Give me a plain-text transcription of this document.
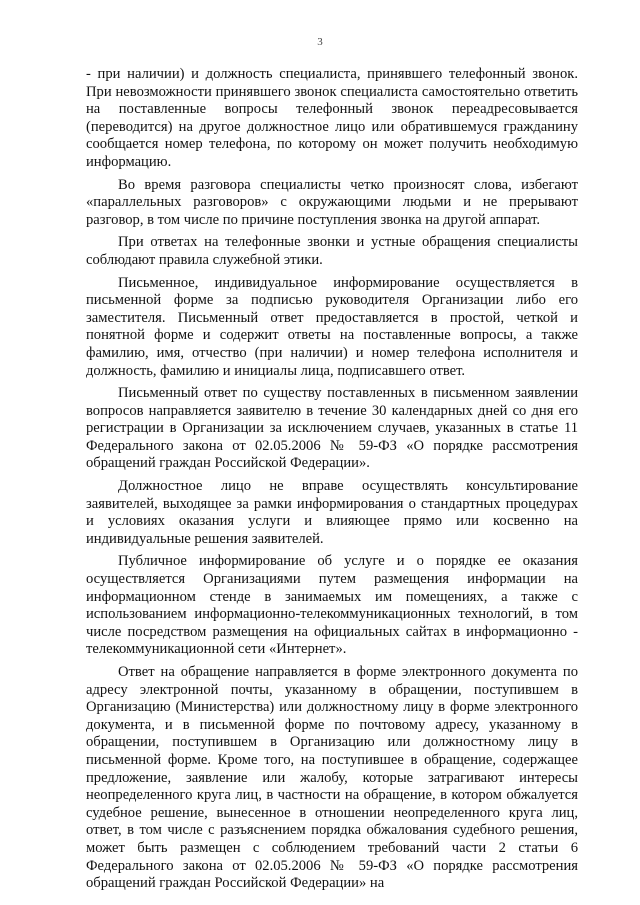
3

- при наличии) и должность специалиста, принявшего телефонный звонок. При невозможности принявшего звонок специалиста самостоятельно ответить на поставленные вопросы телефонный звонок переадресовывается (переводится) на другое должностное лицо или обратившемуся гражданину сообщается номер телефона, по которому он может получить необходимую информацию.

Во время разговора специалисты четко произносят слова, избегают «параллельных разговоров» с окружающими людьми и не прерывают разговор, в том числе по причине поступления звонка на другой аппарат.

При ответах на телефонные звонки и устные обращения специалисты соблюдают правила служебной этики.

Письменное, индивидуальное информирование осуществляется в письменной форме за подписью руководителя Организации либо его заместителя. Письменный ответ предоставляется в простой, четкой и понятной форме и содержит ответы на поставленные вопросы, а также фамилию, имя, отчество (при наличии) и номер телефона исполнителя и должность, фамилию и инициалы лица, подписавшего ответ.

Письменный ответ по существу поставленных в письменном заявлении вопросов направляется заявителю в течение 30 календарных дней со дня его регистрации в Организации за исключением случаев, указанных в статье 11 Федерального закона от 02.05.2006 № 59-ФЗ «О порядке рассмотрения обращений граждан Российской Федерации».

Должностное лицо не вправе осуществлять консультирование заявителей, выходящее за рамки информирования о стандартных процедурах и условиях оказания услуги и влияющее прямо или косвенно на индивидуальные решения заявителей.

Публичное информирование об услуге и о порядке ее оказания осуществляется Организациями путем размещения информации на информационном стенде в занимаемых им помещениях, а также с использованием информационно-телекоммуникационных технологий, в том числе посредством размещения на официальных сайтах в информационно - телекоммуникационной сети «Интернет».

Ответ на обращение направляется в форме электронного документа по адресу электронной почты, указанному в обращении, поступившем в Организацию (Министерства) или должностному лицу в форме электронного документа, и в письменной форме по почтовому адресу, указанному в обращении, поступившем в Организацию или должностному лицу в письменной форме. Кроме того, на поступившее в обращение, содержащее предложение, заявление или жалобу, которые затрагивают интересы неопределенного круга лиц, в частности на обращение, в котором обжалуется судебное решение, вынесенное в отношении неопределенного круга лиц, ответ, в том числе с разъяснением порядка обжалования судебного решения, может быть размещен с соблюдением требований части 2 статьи 6 Федерального закона от 02.05.2006 № 59-ФЗ «О порядке рассмотрения обращений граждан Российской Федерации» на
